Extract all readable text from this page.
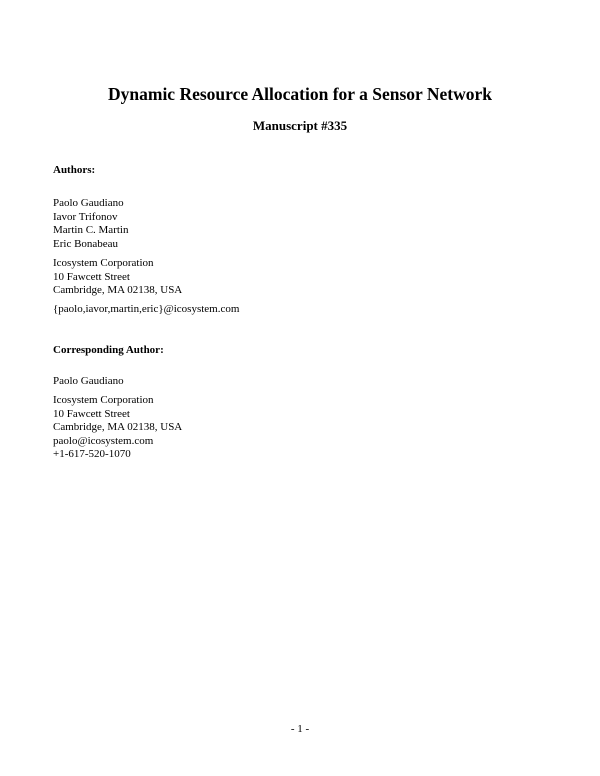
Dynamic Resource Allocation for a Sensor Network
Manuscript #335
Authors:
Paolo Gaudiano
Iavor Trifonov
Martin C. Martin
Eric Bonabeau
Icosystem Corporation
10 Fawcett Street
Cambridge, MA 02138, USA
{paolo,iavor,martin,eric}@icosystem.com
Corresponding Author:
Paolo Gaudiano
Icosystem Corporation
10 Fawcett Street
Cambridge, MA 02138, USA
paolo@icosystem.com
+1-617-520-1070
- 1 -
